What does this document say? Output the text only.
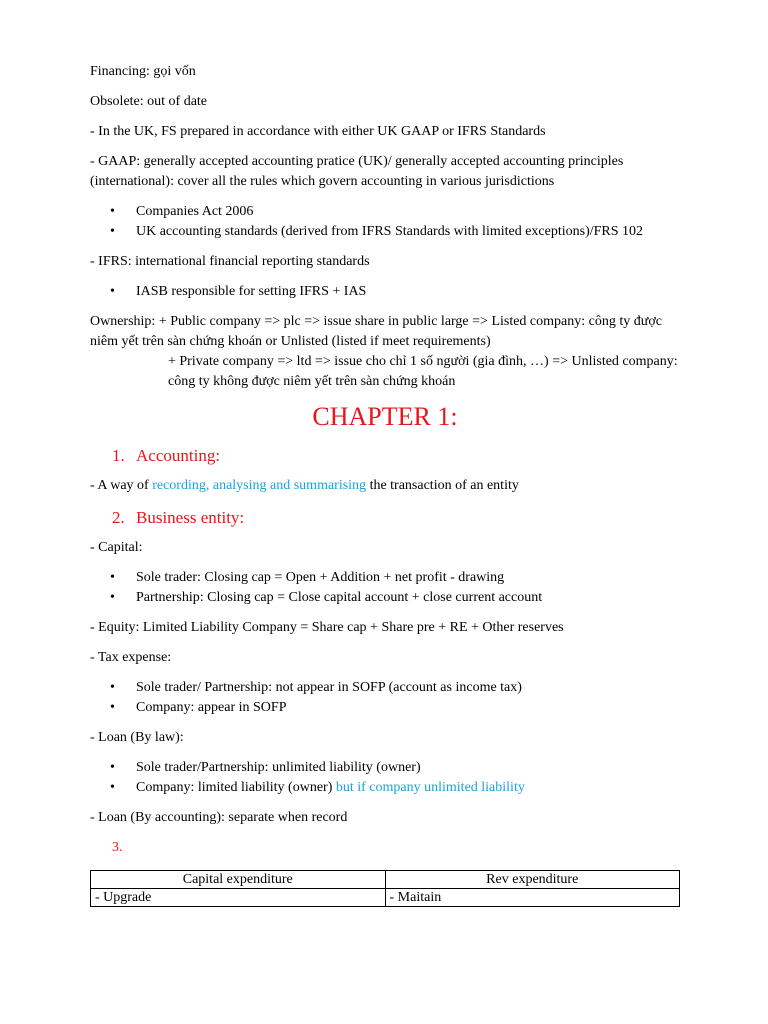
Financing: gọi vốn

Obsolete: out of date

- In the UK, FS prepared in accordance with either UK GAAP or IFRS Standards

- GAAP: generally accepted accounting pratice (UK)/ generally accepted accounting principles (international): cover all the rules which govern accounting in various jurisdictions

• Companies Act 2006
• UK accounting standards (derived from IFRS Standards with limited exceptions)/FRS 102

- IFRS: international financial reporting standards

• IASB responsible for setting IFRS + IAS

Ownership: + Public company => plc => issue share in public large => Listed company: công ty được niêm yết trên sàn chứng khoán or Unlisted (listed if meet requirements)

+ Private company => ltd => issue cho chỉ 1 số người (gia đình, …) => Unlisted company: công ty không được niêm yết trên sàn chứng khoán

CHAPTER 1:
1. Accounting:

- A way of recording, analysing and summarising the transaction of an entity

2. Business entity:

- Capital:

• Sole trader: Closing cap = Open + Addition + net profit - drawing
• Partnership: Closing cap = Close capital account + close current account

- Equity: Limited Liability Company = Share cap + Share pre + RE + Other reserves

- Tax expense:

• Sole trader/ Partnership: not appear in SOFP (account as income tax)
• Company: appear in SOFP

- Loan (By law):

• Sole trader/Partnership: unlimited liability (owner)
• Company: limited liability (owner) but if company unlimited liability

- Loan (By accounting): separate when record

3.
Capital expenditure	Rev expenditure
- Upgrade	- Maitain
